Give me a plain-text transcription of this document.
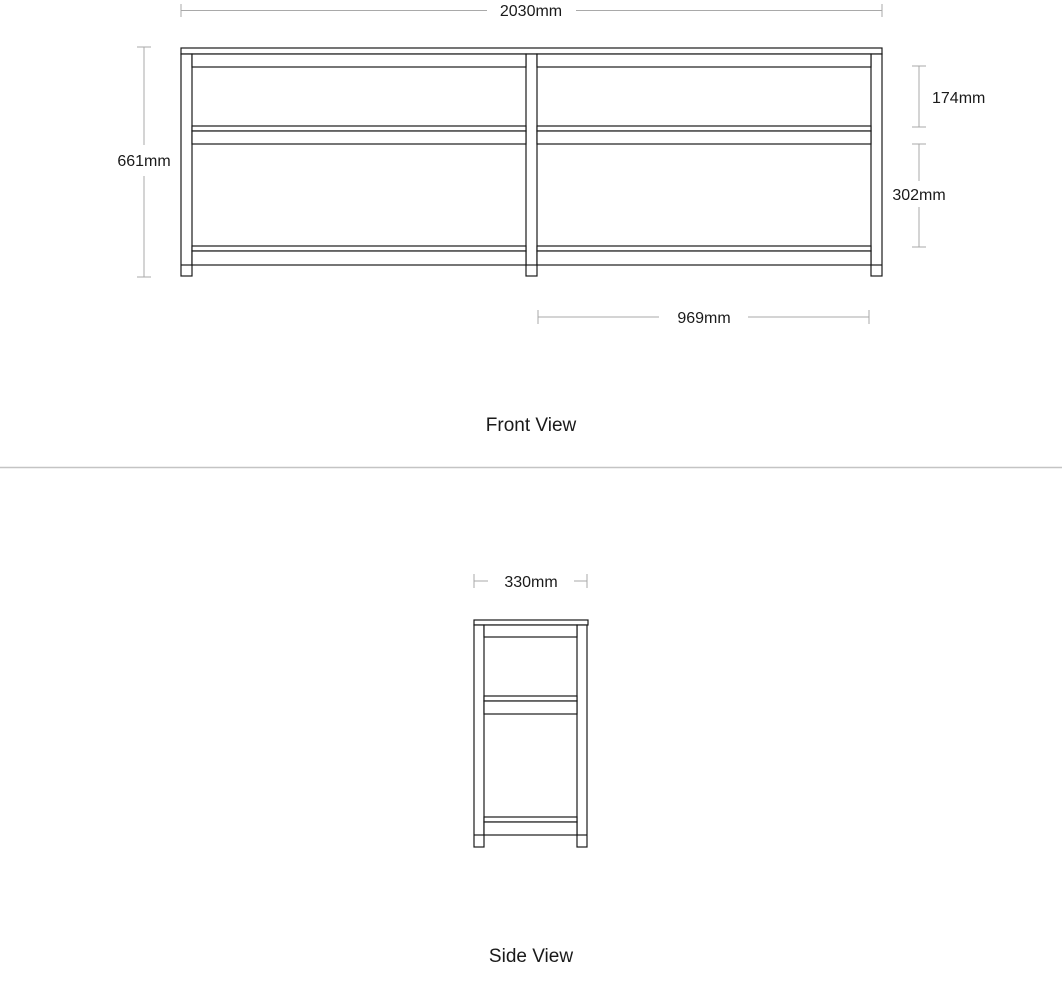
2030mm
661mm
174mm
302mm
969mm
Front View
330mm
Side View
